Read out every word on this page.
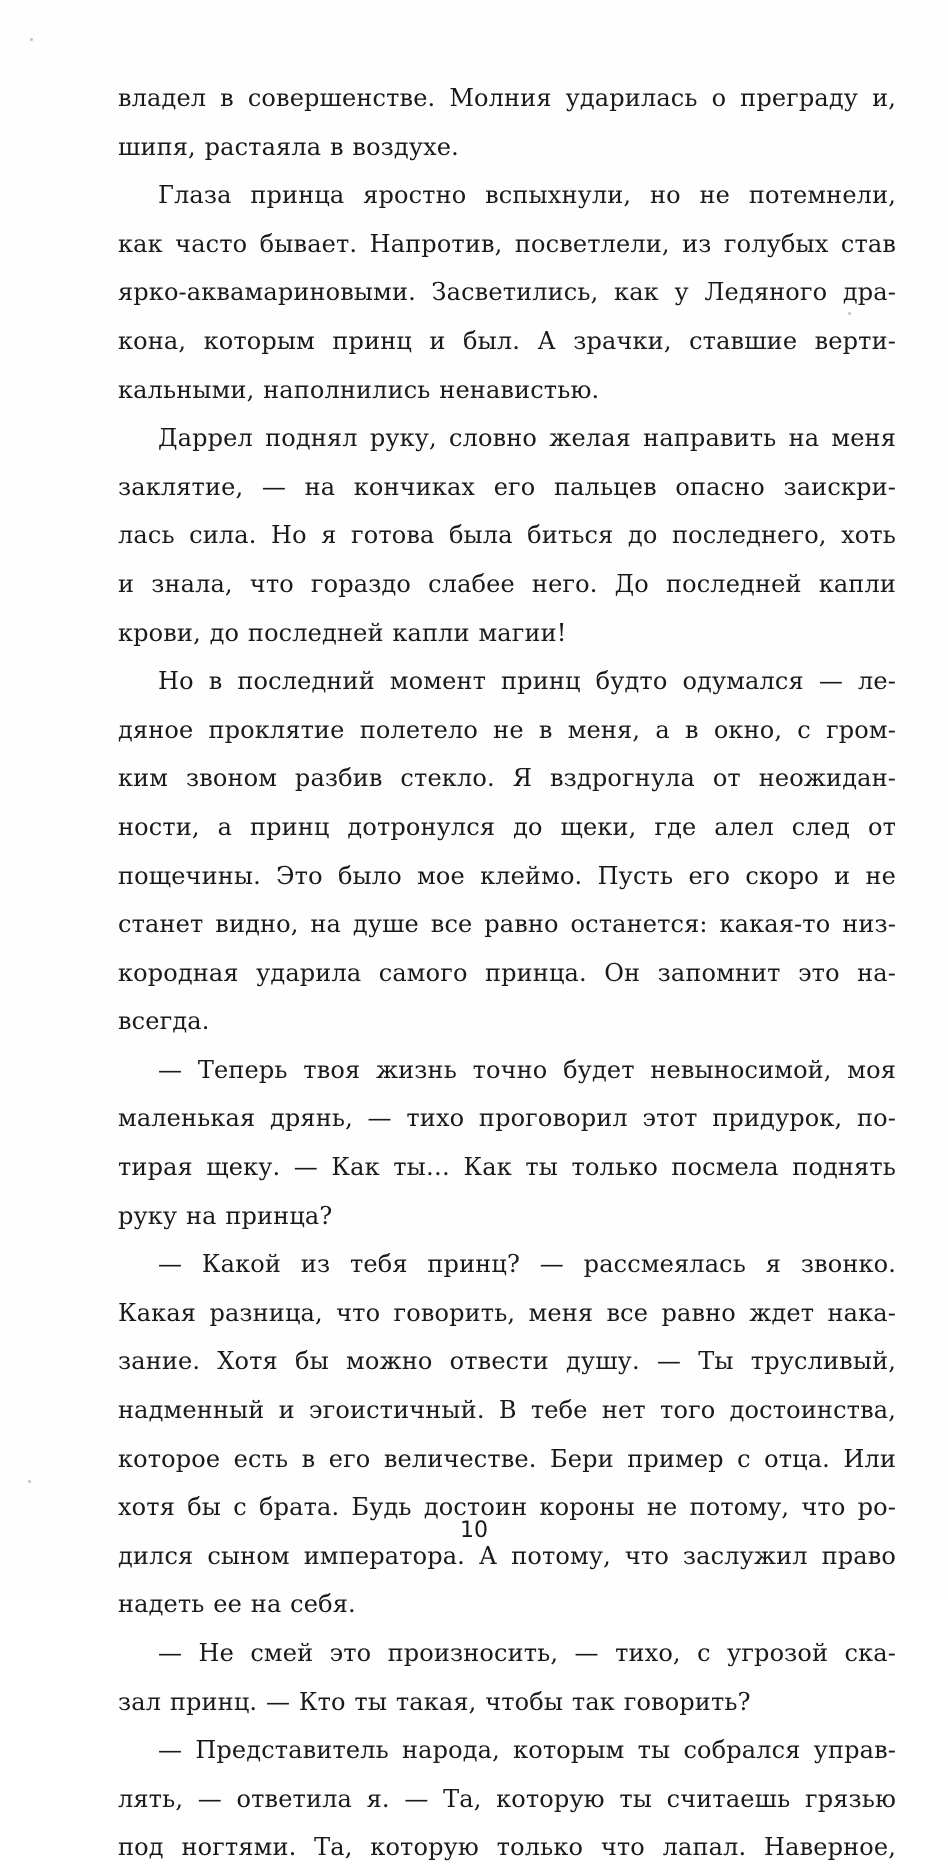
владел в совершенстве. Молния ударилась о преграду и,
шипя, растаяла в воздухе.
Глаза принца яростно вспыхнули, но не потемнели,
как часто бывает. Напротив, посветлели, из голубых став
ярко-аквамариновыми. Засветились, как у Ледяного дра-
кона, которым принц и был. А зрачки, ставшие верти-
кальными, наполнились ненавистью.
Даррел поднял руку, словно желая направить на меня
заклятие, — на кончиках его пальцев опасно заискри-
лась сила. Но я готова была биться до последнего, хоть
и знала, что гораздо слабее него. До последней капли
крови, до последней капли магии!
Но в последний момент принц будто одумался — ле-
дяное проклятие полетело не в меня, а в окно, с гром-
ким звоном разбив стекло. Я вздрогнула от неожидан-
ности, а принц дотронулся до щеки, где алел след от
пощечины. Это было мое клеймо. Пусть его скоро и не
станет видно, на душе все равно останется: какая-то низ-
кородная ударила самого принца. Он запомнит это на-
всегда.
— Теперь твоя жизнь точно будет невыносимой, моя
маленькая дрянь, — тихо проговорил этот придурок, по-
тирая щеку. — Как ты… Как ты только посмела поднять
руку на принца?
— Какой из тебя принц? — рассмеялась я звонко.
Какая разница, что говорить, меня все равно ждет нака-
зание. Хотя бы можно отвести душу. — Ты трусливый,
надменный и эгоистичный. В тебе нет того достоинства,
которое есть в его величестве. Бери пример с отца. Или
хотя бы с брата. Будь достоин короны не потому, что ро-
дился сыном императора. А потому, что заслужил право
надеть ее на себя.
— Не смей это произносить, — тихо, с угрозой ска-
зал принц. — Кто ты такая, чтобы так говорить?
— Представитель народа, которым ты собрался управ-
лять, — ответила я. — Та, которую ты считаешь грязью
под ногтями. Та, которую только что лапал. Наверное,
10
